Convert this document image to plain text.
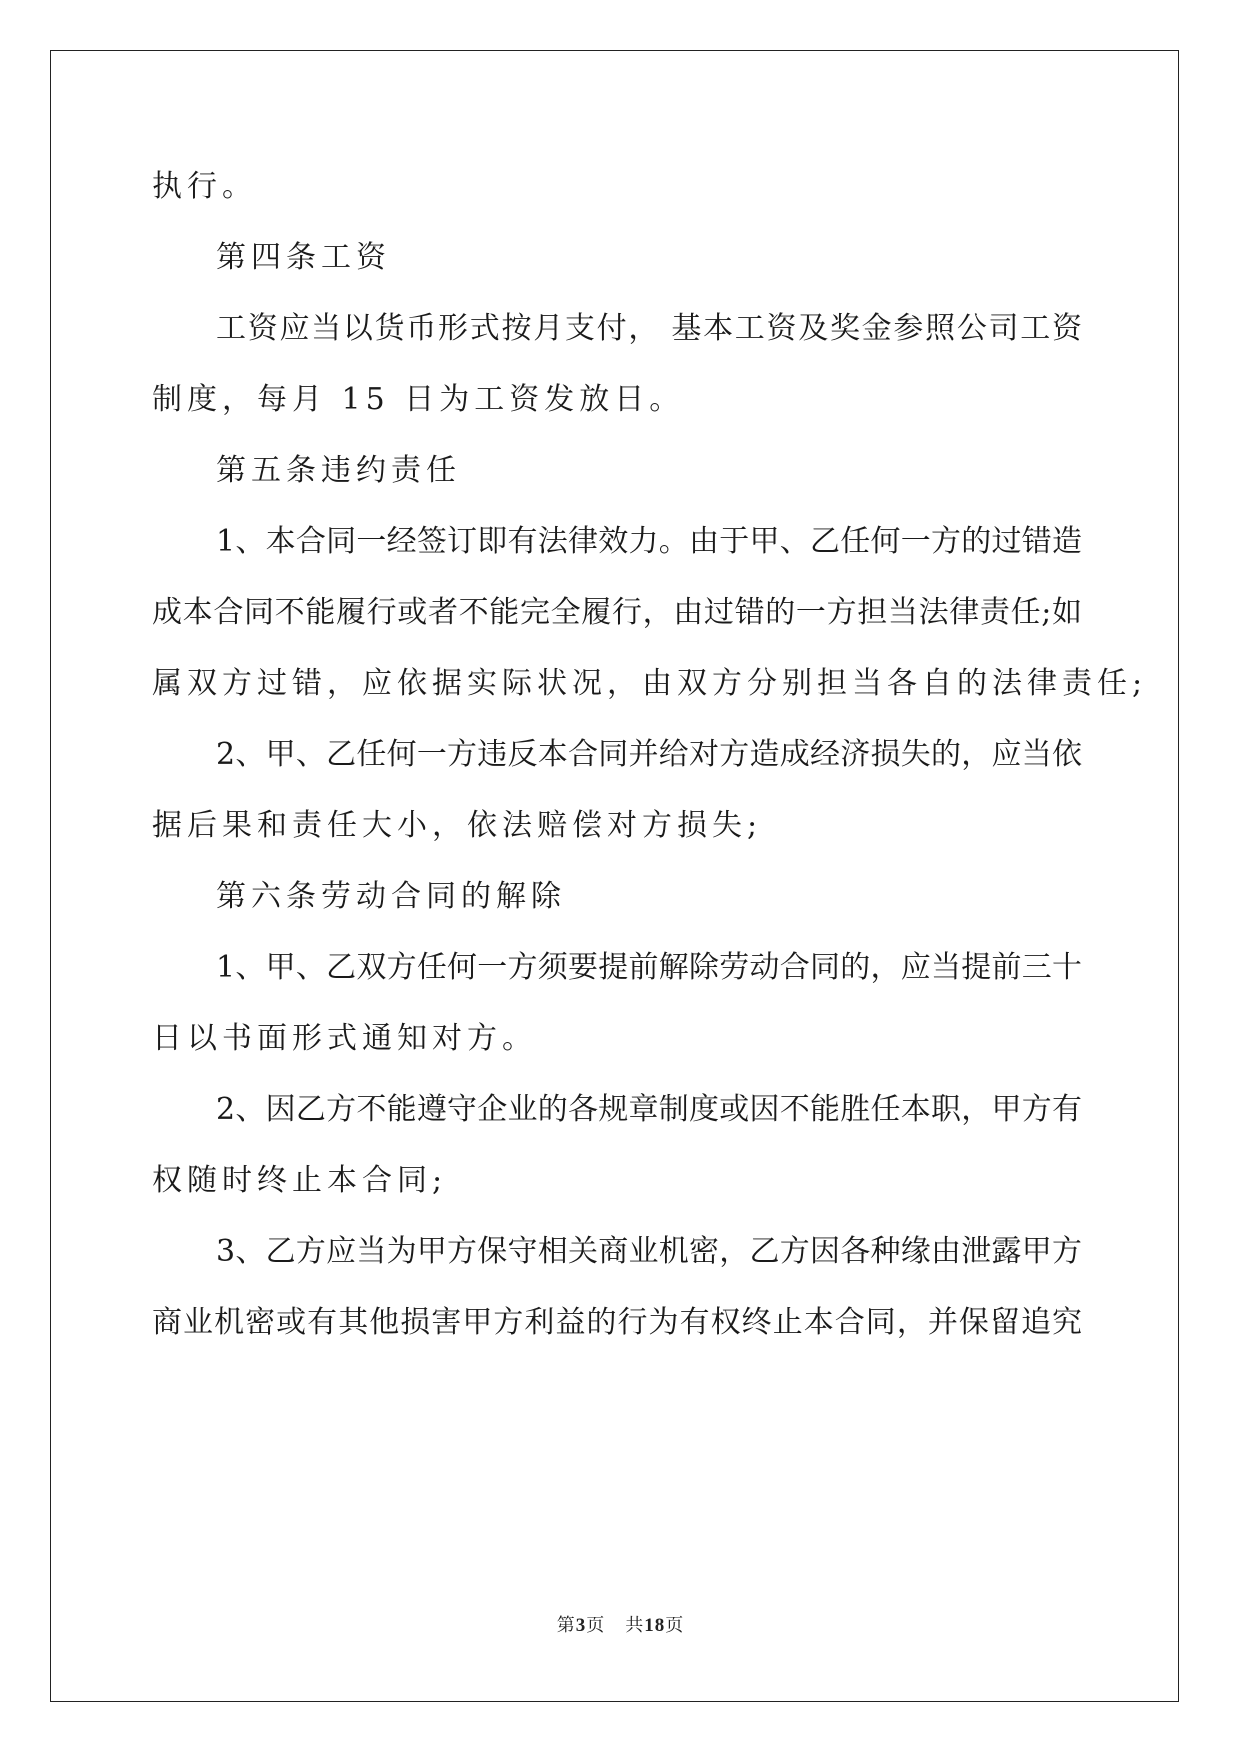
执行。
第四条工资
工资应当以货币形式按月支付， 基本工资及奖金参照公司工资
制度，每月 15 日为工资发放日。
第五条违约责任
1、本合同一经签订即有法律效力。由于甲、乙任何一方的过错造
成本合同不能履行或者不能完全履行，由过错的一方担当法律责任;如
属双方过错，应依据实际状况，由双方分别担当各自的法律责任;
2、甲、乙任何一方违反本合同并给对方造成经济损失的，应当依
据后果和责任大小，依法赔偿对方损失;
第六条劳动合同的解除
1、甲、乙双方任何一方须要提前解除劳动合同的，应当提前三十
日以书面形式通知对方。
2、因乙方不能遵守企业的各规章制度或因不能胜任本职，甲方有
权随时终止本合同;
3、乙方应当为甲方保守相关商业机密，乙方因各种缘由泄露甲方
商业机密或有其他损害甲方利益的行为有权终止本合同，并保留追究
第3页 共18页
